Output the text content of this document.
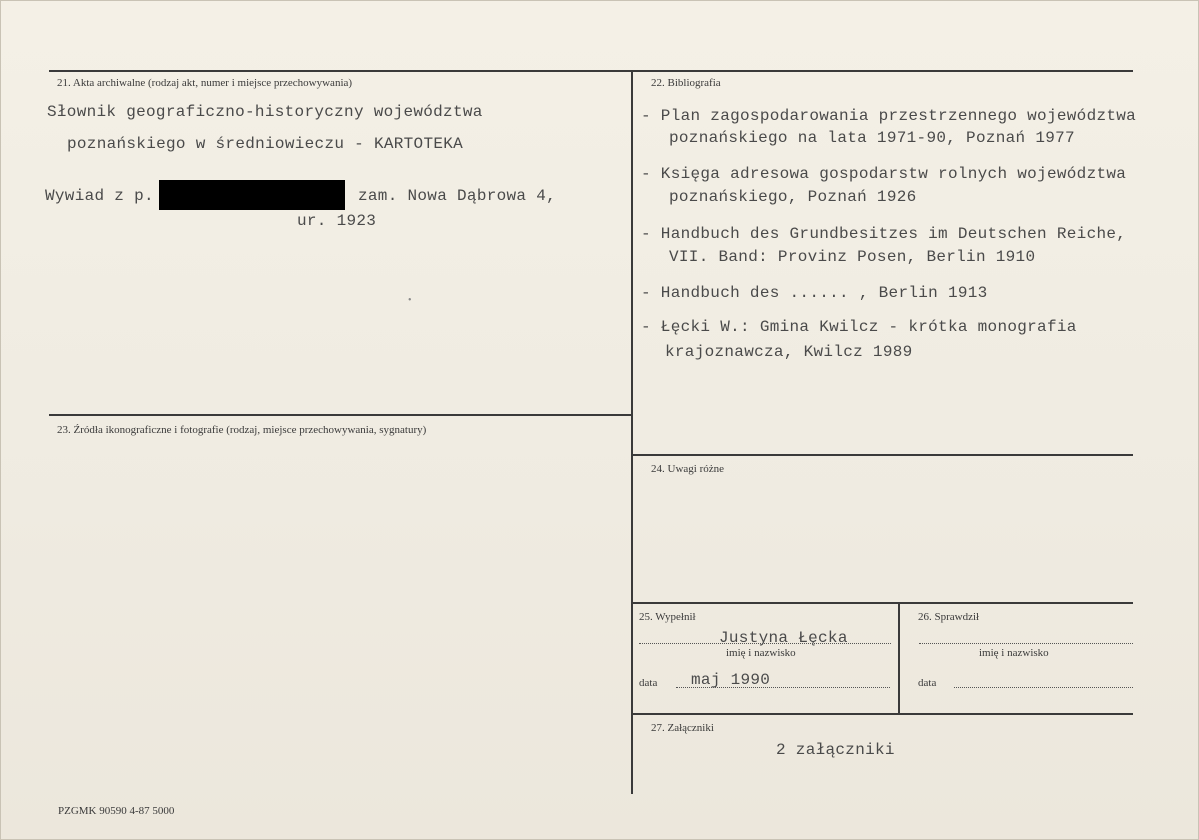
21. Akta archiwalne (rodzaj akt, numer i miejsce przechowywania)
Słownik geograficzno-historyczny województwa
poznańskiego w średniowieczu - KARTOTEKA
Wywiad z p.	zam. Nowa Dąbrowa 4,
ur. 1923
•
22. Bibliografia
- Plan zagospodarowania przestrzennego województwa
poznańskiego na lata 1971-90, Poznań 1977
- Księga adresowa gospodarstw rolnych województwa
poznańskiego, Poznań 1926
- Handbuch des Grundbesitzes im Deutschen Reiche,
VII. Band: Provinz Posen, Berlin 1910
- Handbuch des ...... , Berlin 1913
- Łęcki W.: Gmina Kwilcz - krótka monografia
krajoznawcza, Kwilcz 1989
23. Źródła ikonograficzne i fotografie (rodzaj, miejsce przechowywania, sygnatury)
24. Uwagi różne
25. Wypełnił
Justyna Łęcka
imię i nazwisko
data maj 1990
26. Sprawdził
imię i nazwisko
data
27. Załączniki
2 załączniki
PZGMK 90590 4-87 5000
